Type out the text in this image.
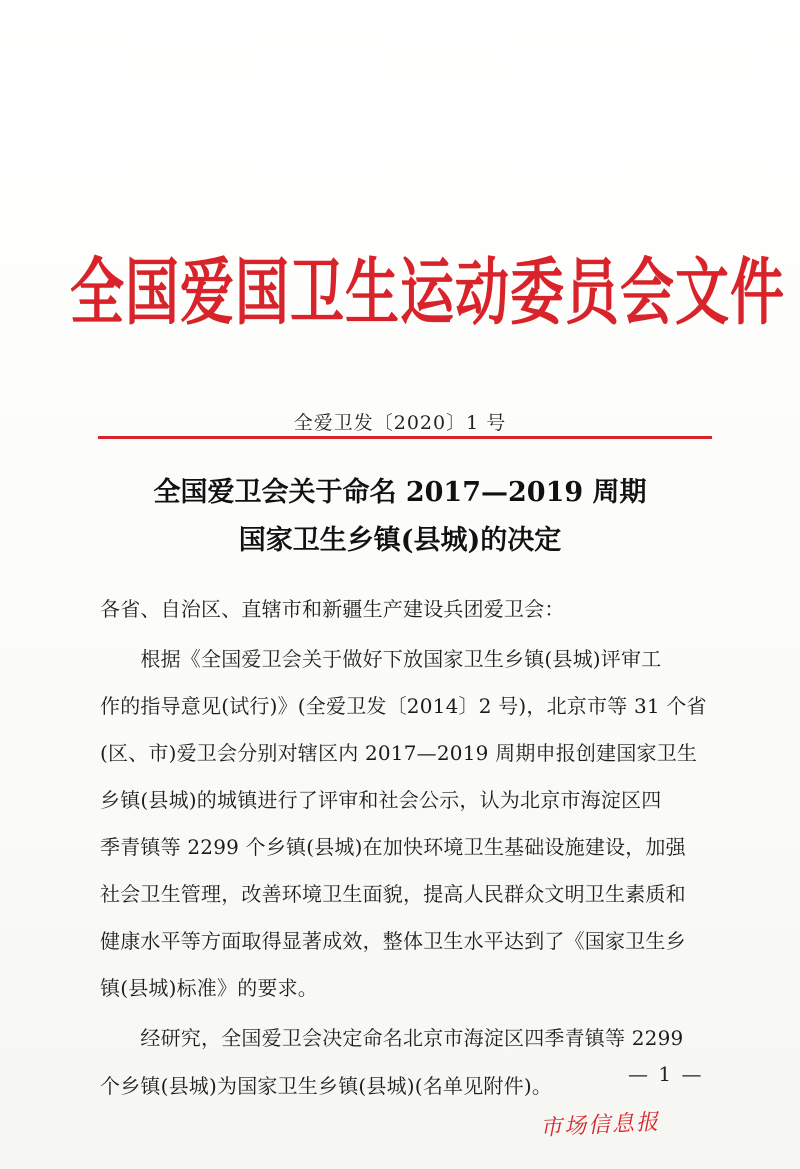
全国爱国卫生运动委员会文件
全爱卫发〔2020〕1 号
全国爱卫会关于命名 2017—2019 周期
国家卫生乡镇(县城)的决定
各省、自治区、直辖市和新疆生产建设兵团爱卫会：
　　根据《全国爱卫会关于做好下放国家卫生乡镇(县城)评审工
作的指导意见(试行)》(全爱卫发〔2014〕2 号)，北京市等 31 个省
(区、市)爱卫会分别对辖区内 2017—2019 周期申报创建国家卫生
乡镇(县城)的城镇进行了评审和社会公示，认为北京市海淀区四
季青镇等 2299 个乡镇(县城)在加快环境卫生基础设施建设，加强
社会卫生管理，改善环境卫生面貌，提高人民群众文明卫生素质和
健康水平等方面取得显著成效，整体卫生水平达到了《国家卫生乡
镇(县城)标准》的要求。
　　经研究，全国爱卫会决定命名北京市海淀区四季青镇等 2299
个乡镇(县城)为国家卫生乡镇(县城)(名单见附件)。	— 1 —
市场信息报
